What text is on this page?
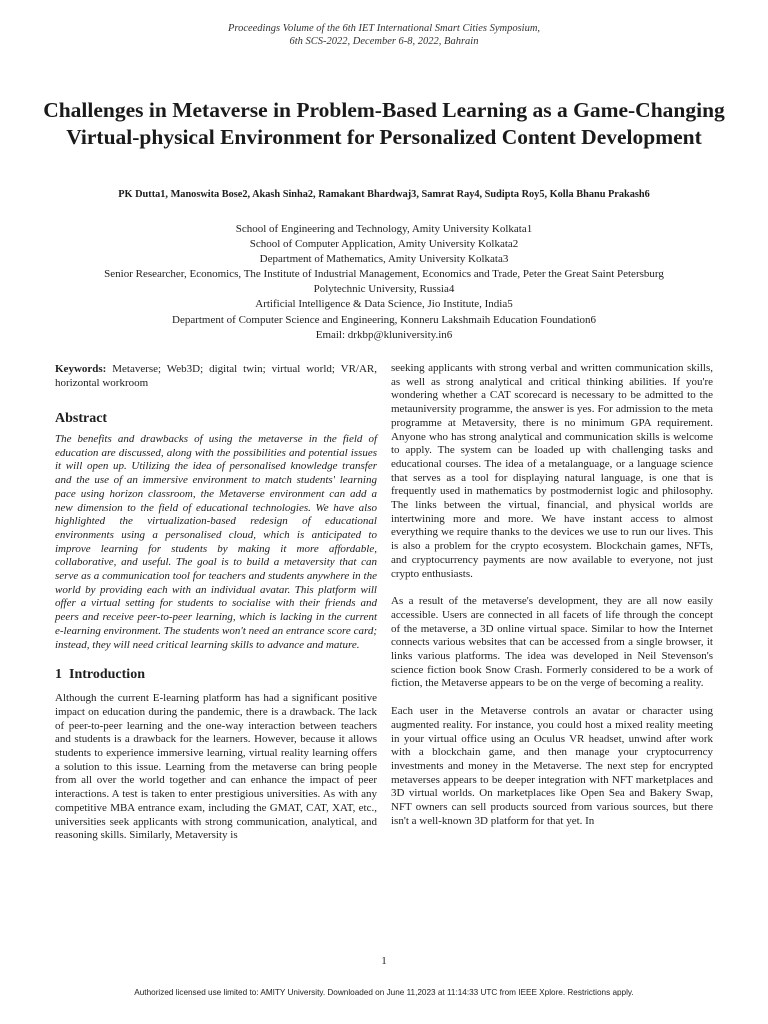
Proceedings Volume of the 6th IET International Smart Cities Symposium,
6th SCS-2022, December 6-8, 2022, Bahrain
Challenges in Metaverse in Problem-Based Learning as a Game-Changing Virtual-physical Environment for Personalized Content Development
PK Dutta1, Manoswita Bose2, Akash Sinha2, Ramakant Bhardwaj3, Samrat Ray4, Sudipta Roy5, Kolla Bhanu Prakash6
School of Engineering and Technology, Amity University Kolkata1
School of Computer Application, Amity University Kolkata2
Department of Mathematics, Amity University Kolkata3
Senior Researcher, Economics, The Institute of Industrial Management, Economics and Trade, Peter the Great Saint Petersburg
Polytechnic University, Russia4
Artificial Intelligence & Data Science, Jio Institute, India5
Department of Computer Science and Engineering, Konneru Lakshmaih Education Foundation6
Email: drkbp@kluniversity.in6
Keywords: Metaverse; Web3D; digital twin; virtual world; VR/AR, horizontal workroom
Abstract

The benefits and drawbacks of using the metaverse in the field of education are discussed, along with the possibilities and potential issues it will open up. Utilizing the idea of personalised knowledge transfer and the use of an immersive environment to match students' learning pace using horizon classroom, the Metaverse environment can add a new dimension to the field of educational technologies. We have also highlighted the virtualization-based redesign of educational environments using a personalised cloud, which is anticipated to improve learning for students by making it more affordable, collaborative, and useful. The goal is to build a metaversity that can serve as a communication tool for teachers and students anywhere in the world by providing each with an individual avatar. This platform will offer a virtual setting for students to socialise with their friends and peers and receive peer-to-peer learning, which is lacking in the current e-learning environment. The students won't need an entrance score card; instead, they will need critical learning skills to advance and mature.

1 Introduction

Although the current E-learning platform has had a significant positive impact on education during the pandemic, there is a drawback. The lack of peer-to-peer learning and the one-way interaction between teachers and students is a drawback for the learners. However, because it allows students to experience immersive learning, virtual reality learning offers a solution to this issue. Learning from the metaverse can bring people from all over the world together and can enhance the impact of peer interactions. A test is taken to enter prestigious universities. As with any competitive MBA entrance exam, including the GMAT, CAT, XAT, etc., universities seek applicants with strong communication, analytical, and reasoning skills. Similarly, Metaversity is

seeking applicants with strong verbal and written communication skills, as well as strong analytical and critical thinking abilities. If you're wondering whether a CAT scorecard is necessary to be admitted to the metauniversity programme, the answer is yes. For admission to the meta programme at Metaversity, there is no minimum GPA requirement. Anyone who has strong analytical and communication skills is welcome to apply. The system can be loaded up with challenging tasks and educational courses. The idea of a metalanguage, or a language science that serves as a tool for displaying natural language, is one that is frequently used in mathematics by postmodernist logic and philosophy. The links between the virtual, financial, and physical worlds are intertwining more and more. We have instant access to almost everything we require thanks to the devices we use to run our lives. This is also a problem for the crypto ecosystem. Blockchain games, NFTs, and cryptocurrency payments are now available to everyone, not just crypto enthusiasts.

As a result of the metaverse's development, they are all now easily accessible. Users are connected in all facets of life through the concept of the metaverse, a 3D online virtual space. Similar to how the Internet connects various websites that can be accessed from a single browser, it links various platforms. The idea was developed in Neil Stevenson's science fiction book Snow Crash. Formerly considered to be a work of fiction, the Metaverse appears to be on the verge of becoming a reality.

Each user in the Metaverse controls an avatar or character using augmented reality. For instance, you could host a mixed reality meeting in your virtual office using an Oculus VR headset, unwind after work with a blockchain game, and then manage your cryptocurrency investments and money in the Metaverse. The next step for encrypted metaverses appears to be deeper integration with NFT marketplaces and 3D virtual worlds. On marketplaces like Open Sea and Bakery Swap, NFT owners can sell products sourced from various sources, but there isn't a well-known 3D platform for that yet. In

1
Authorized licensed use limited to: AMITY University. Downloaded on June 11,2023 at 11:14:33 UTC from IEEE Xplore. Restrictions apply.
